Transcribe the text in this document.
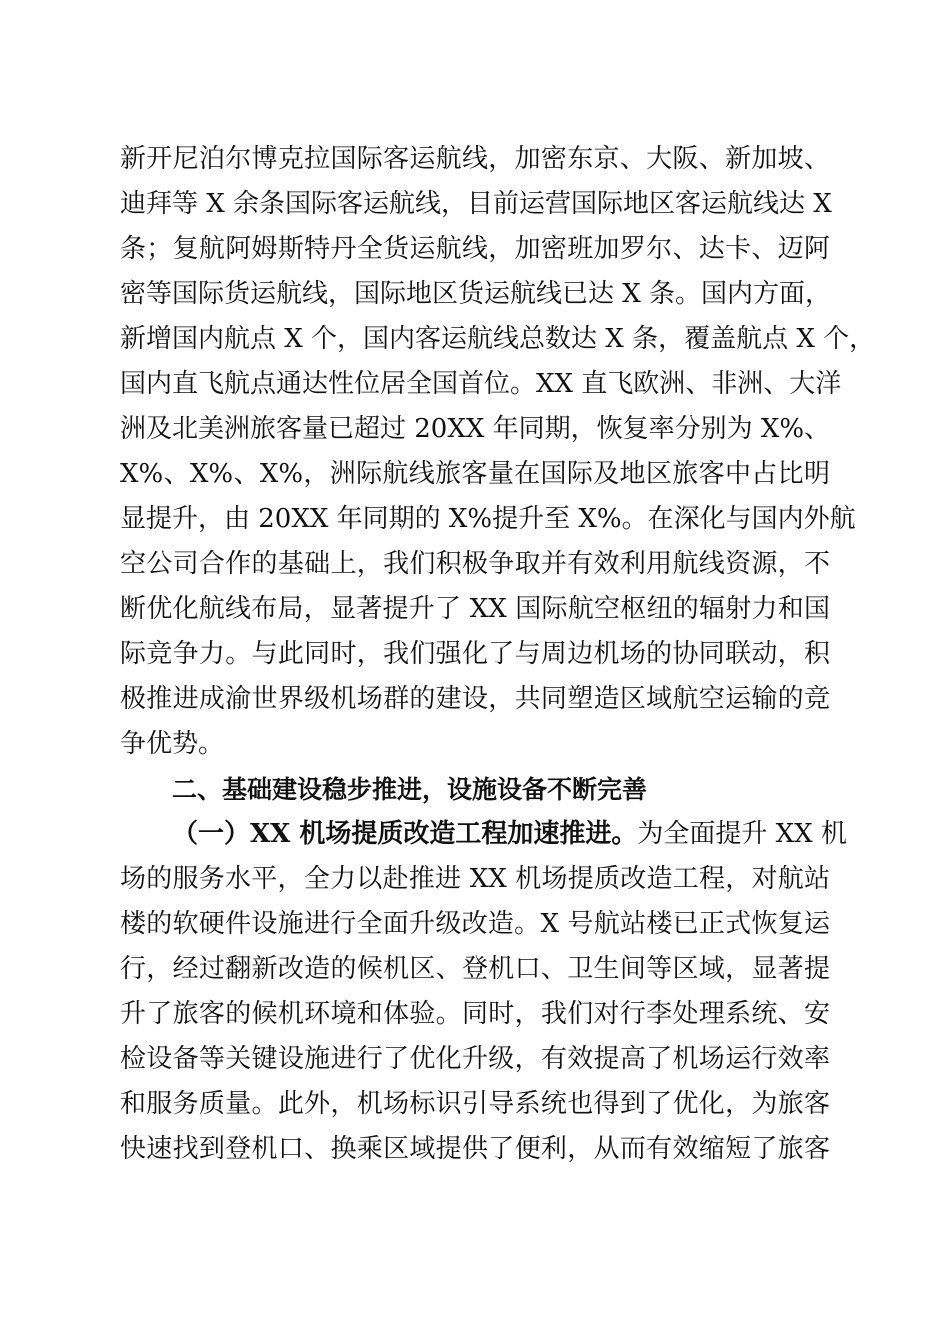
新开尼泊尔博克拉国际客运航线，加密东京、大阪、新加坡、
迪拜等 X 余条国际客运航线，目前运营国际地区客运航线达 X
条；复航阿姆斯特丹全货运航线，加密班加罗尔、达卡、迈阿
密等国际货运航线，国际地区货运航线已达 X 条。国内方面，
新增国内航点 X 个，国内客运航线总数达 X 条，覆盖航点 X 个，
国内直飞航点通达性位居全国首位。XX 直飞欧洲、非洲、大洋
洲及北美洲旅客量已超过 20XX 年同期，恢复率分别为 X%、
X%、X%、X%，洲际航线旅客量在国际及地区旅客中占比明
显提升，由 20XX 年同期的 X%提升至 X%。在深化与国内外航
空公司合作的基础上，我们积极争取并有效利用航线资源，不
断优化航线布局，显著提升了 XX 国际航空枢纽的辐射力和国
际竞争力。与此同时，我们强化了与周边机场的协同联动，积
极推进成渝世界级机场群的建设，共同塑造区域航空运输的竞
争优势。
二、基础建设稳步推进，设施设备不断完善
（一）XX 机场提质改造工程加速推进。为全面提升 XX 机
场的服务水平，全力以赴推进 XX 机场提质改造工程，对航站
楼的软硬件设施进行全面升级改造。X 号航站楼已正式恢复运
行，经过翻新改造的候机区、登机口、卫生间等区域，显著提
升了旅客的候机环境和体验。同时，我们对行李处理系统、安
检设备等关键设施进行了优化升级，有效提高了机场运行效率
和服务质量。此外，机场标识引导系统也得到了优化，为旅客
快速找到登机口、换乘区域提供了便利，从而有效缩短了旅客
